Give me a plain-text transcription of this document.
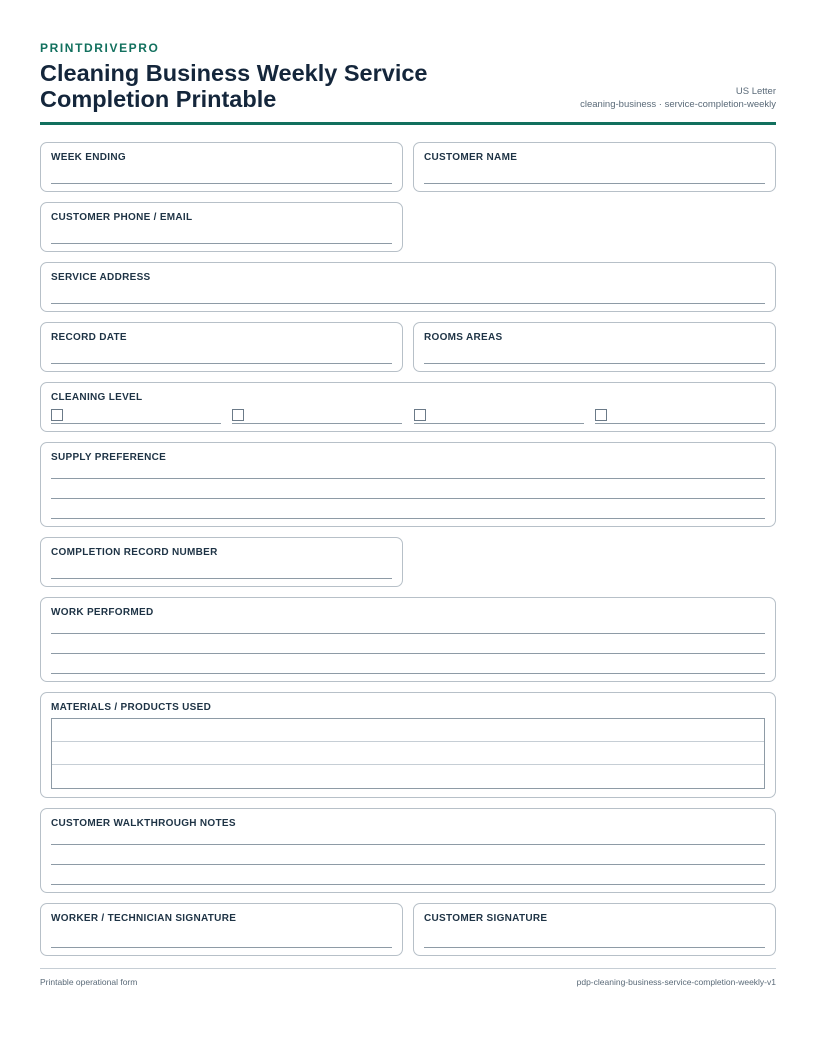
PRINTDRIVEPRO
Cleaning Business Weekly Service Completion Printable	US Letter
cleaning-business · service-completion-weekly
WEEK ENDING	CUSTOMER NAME
CUSTOMER PHONE / EMAIL
SERVICE ADDRESS
RECORD DATE	ROOMS AREAS
CLEANING LEVEL
SUPPLY PREFERENCE
COMPLETION RECORD NUMBER
WORK PERFORMED
MATERIALS / PRODUCTS USED
CUSTOMER WALKTHROUGH NOTES
WORKER / TECHNICIAN SIGNATURE	CUSTOMER SIGNATURE
Printable operational form	pdp-cleaning-business-service-completion-weekly-v1
